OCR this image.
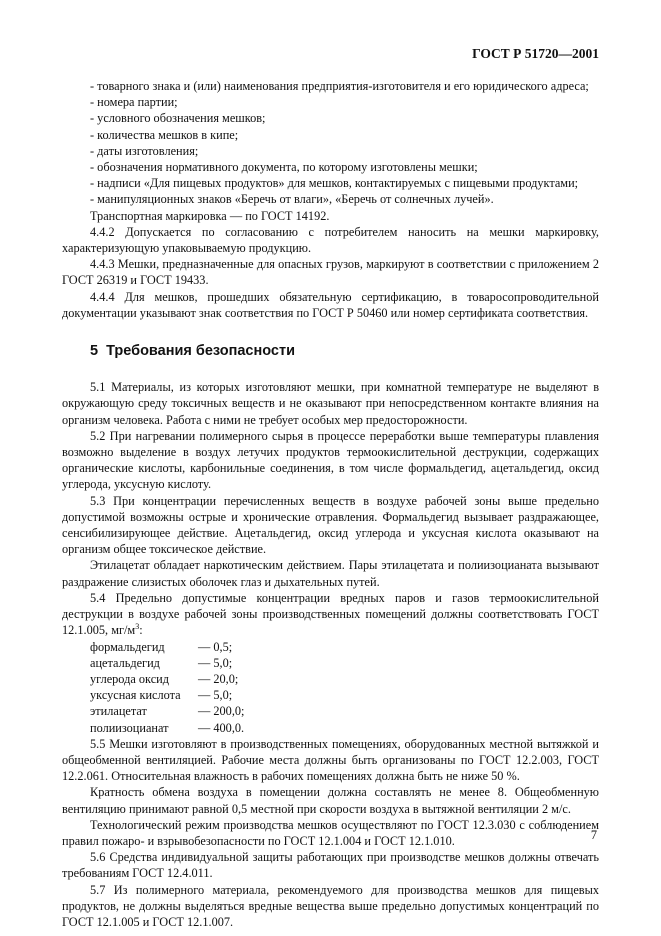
ГОСТ Р 51720—2001

- товарного знака и (или) наименования предприятия-изготовителя и его юридического адреса;

- номера партии;

- условного обозначения мешков;

- количества мешков в кипе;

- даты изготовления;

- обозначения нормативного документа, по которому изготовлены мешки;

- надписи «Для пищевых продуктов» для мешков, контактируемых с пищевыми продуктами;

- манипуляционных знаков «Беречь от влаги», «Беречь от солнечных лучей».

Транспортная маркировка — по ГОСТ 14192.

4.4.2 Допускается по согласованию с потребителем наносить на мешки маркировку, характеризующую упаковываемую продукцию.

4.4.3 Мешки, предназначенные для опасных грузов, маркируют в соответствии с приложением 2 ГОСТ 26319 и ГОСТ 19433.

4.4.4 Для мешков, прошедших обязательную сертификацию, в товаросопроводительной документации указывают знак соответствия по ГОСТ Р 50460 или номер сертификата соответствия.

5 Требования безопасности

5.1 Материалы, из которых изготовляют мешки, при комнатной температуре не выделяют в окружающую среду токсичных веществ и не оказывают при непосредственном контакте влияния на организм человека. Работа с ними не требует особых мер предосторожности.

5.2 При нагревании полимерного сырья в процессе переработки выше температуры плавления возможно выделение в воздух летучих продуктов термоокислительной деструкции, содержащих органические кислоты, карбонильные соединения, в том числе формальдегид, ацетальдегид, оксид углерода, уксусную кислоту.

5.3 При концентрации перечисленных веществ в воздухе рабочей зоны выше предельно допустимой возможны острые и хронические отравления. Формальдегид вызывает раздражающее, сенсибилизирующее действие. Ацетальдегид, оксид углерода и уксусная кислота оказывают на организм общее токсическое действие.

Этилацетат обладает наркотическим действием. Пары этилацетата и полиизоцианата вызывают раздражение слизистых оболочек глаз и дыхательных путей.

5.4 Предельно допустимые концентрации вредных паров и газов термоокислительной деструкции в воздухе рабочей зоны производственных помещений должны соответствовать ГОСТ 12.1.005, $мг/м^3$:

формальдегид	— 0,5;
ацетальдегид	— 5,0;
углерода оксид	— 20,0;
уксусная кислота	— 5,0;
этилацетат	— 200,0;
полиизоцианат	— 400,0.

5.5 Мешки изготовляют в производственных помещениях, оборудованных местной вытяжкой и общеобменной вентиляцией. Рабочие места должны быть организованы по ГОСТ 12.2.003, ГОСТ 12.2.061. Относительная влажность в рабочих помещениях должна быть не ниже 50 %.

Кратность обмена воздуха в помещении должна составлять не менее 8. Общеобменную вентиляцию принимают равной 0,5 местной при скорости воздуха в вытяжной вентиляции 2 м/с.

Технологический режим производства мешков осуществляют по ГОСТ 12.3.030 с соблюдением правил пожаро- и взрывобезопасности по ГОСТ 12.1.004 и ГОСТ 12.1.010.

5.6 Средства индивидуальной защиты работающих при производстве мешков должны отвечать требованиям ГОСТ 12.4.011.

5.7 Из полимерного материала, рекомендуемого для производства мешков для пищевых продуктов, не должны выделяться вредные вещества выше предельно допустимых концентраций по ГОСТ 12.1.005 и ГОСТ 12.1.007.

7
